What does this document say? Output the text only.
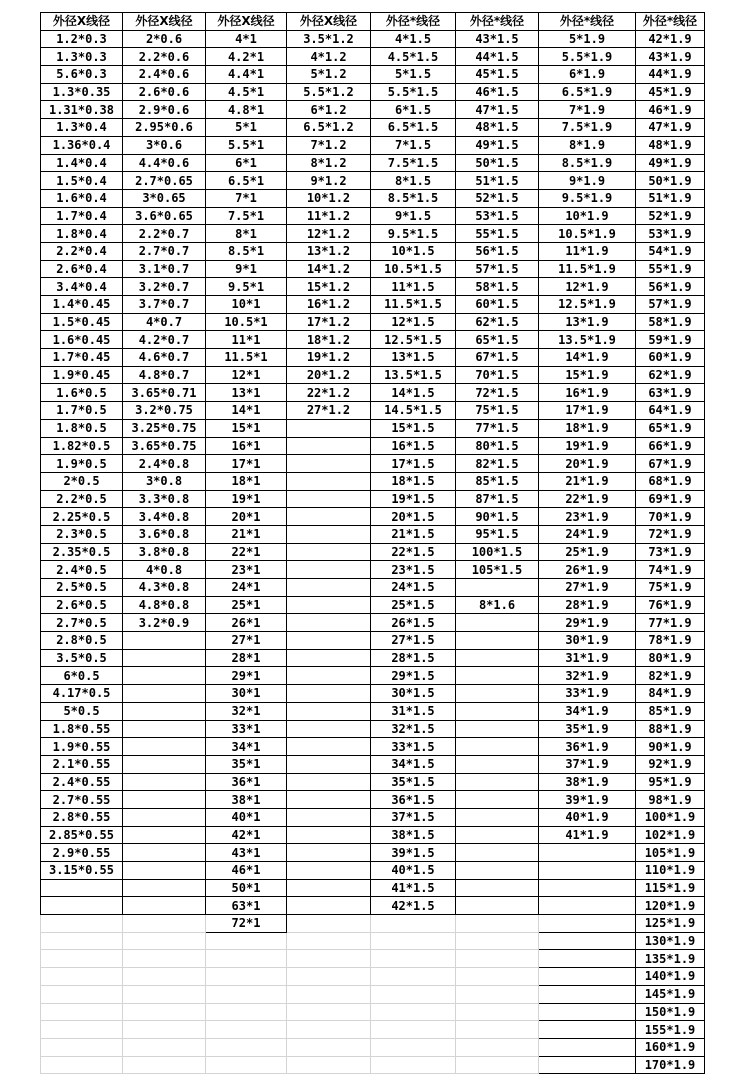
外径X线径	外径X线径	外径X线径	外径X线径	外径*线径	外径*线径	外径*线径	外径*线径
1.2*0.3	2*0.6	4*1	3.5*1.2	4*1.5	43*1.5	5*1.9	42*1.9
1.3*0.3	2.2*0.6	4.2*1	4*1.2	4.5*1.5	44*1.5	5.5*1.9	43*1.9
5.6*0.3	2.4*0.6	4.4*1	5*1.2	5*1.5	45*1.5	6*1.9	44*1.9
1.3*0.35	2.6*0.6	4.5*1	5.5*1.2	5.5*1.5	46*1.5	6.5*1.9	45*1.9
1.31*0.38	2.9*0.6	4.8*1	6*1.2	6*1.5	47*1.5	7*1.9	46*1.9
1.3*0.4	2.95*0.6	5*1	6.5*1.2	6.5*1.5	48*1.5	7.5*1.9	47*1.9
1.36*0.4	3*0.6	5.5*1	7*1.2	7*1.5	49*1.5	8*1.9	48*1.9
1.4*0.4	4.4*0.6	6*1	8*1.2	7.5*1.5	50*1.5	8.5*1.9	49*1.9
1.5*0.4	2.7*0.65	6.5*1	9*1.2	8*1.5	51*1.5	9*1.9	50*1.9
1.6*0.4	3*0.65	7*1	10*1.2	8.5*1.5	52*1.5	9.5*1.9	51*1.9
1.7*0.4	3.6*0.65	7.5*1	11*1.2	9*1.5	53*1.5	10*1.9	52*1.9
1.8*0.4	2.2*0.7	8*1	12*1.2	9.5*1.5	55*1.5	10.5*1.9	53*1.9
2.2*0.4	2.7*0.7	8.5*1	13*1.2	10*1.5	56*1.5	11*1.9	54*1.9
2.6*0.4	3.1*0.7	9*1	14*1.2	10.5*1.5	57*1.5	11.5*1.9	55*1.9
3.4*0.4	3.2*0.7	9.5*1	15*1.2	11*1.5	58*1.5	12*1.9	56*1.9
1.4*0.45	3.7*0.7	10*1	16*1.2	11.5*1.5	60*1.5	12.5*1.9	57*1.9
1.5*0.45	4*0.7	10.5*1	17*1.2	12*1.5	62*1.5	13*1.9	58*1.9
1.6*0.45	4.2*0.7	11*1	18*1.2	12.5*1.5	65*1.5	13.5*1.9	59*1.9
1.7*0.45	4.6*0.7	11.5*1	19*1.2	13*1.5	67*1.5	14*1.9	60*1.9
1.9*0.45	4.8*0.7	12*1	20*1.2	13.5*1.5	70*1.5	15*1.9	62*1.9
1.6*0.5	3.65*0.71	13*1	22*1.2	14*1.5	72*1.5	16*1.9	63*1.9
1.7*0.5	3.2*0.75	14*1	27*1.2	14.5*1.5	75*1.5	17*1.9	64*1.9
1.8*0.5	3.25*0.75	15*1		15*1.5	77*1.5	18*1.9	65*1.9
1.82*0.5	3.65*0.75	16*1		16*1.5	80*1.5	19*1.9	66*1.9
1.9*0.5	2.4*0.8	17*1		17*1.5	82*1.5	20*1.9	67*1.9
2*0.5	3*0.8	18*1		18*1.5	85*1.5	21*1.9	68*1.9
2.2*0.5	3.3*0.8	19*1		19*1.5	87*1.5	22*1.9	69*1.9
2.25*0.5	3.4*0.8	20*1		20*1.5	90*1.5	23*1.9	70*1.9
2.3*0.5	3.6*0.8	21*1		21*1.5	95*1.5	24*1.9	72*1.9
2.35*0.5	3.8*0.8	22*1		22*1.5	100*1.5	25*1.9	73*1.9
2.4*0.5	4*0.8	23*1		23*1.5	105*1.5	26*1.9	74*1.9
2.5*0.5	4.3*0.8	24*1		24*1.5		27*1.9	75*1.9
2.6*0.5	4.8*0.8	25*1		25*1.5	8*1.6	28*1.9	76*1.9
2.7*0.5	3.2*0.9	26*1		26*1.5		29*1.9	77*1.9
2.8*0.5		27*1		27*1.5		30*1.9	78*1.9
3.5*0.5		28*1		28*1.5		31*1.9	80*1.9
6*0.5		29*1		29*1.5		32*1.9	82*1.9
4.17*0.5		30*1		30*1.5		33*1.9	84*1.9
5*0.5		32*1		31*1.5		34*1.9	85*1.9
1.8*0.55		33*1		32*1.5		35*1.9	88*1.9
1.9*0.55		34*1		33*1.5		36*1.9	90*1.9
2.1*0.55		35*1		34*1.5		37*1.9	92*1.9
2.4*0.55		36*1		35*1.5		38*1.9	95*1.9
2.7*0.55		38*1		36*1.5		39*1.9	98*1.9
2.8*0.55		40*1		37*1.5		40*1.9	100*1.9
2.85*0.55		42*1		38*1.5		41*1.9	102*1.9
2.9*0.55		43*1		39*1.5			105*1.9
3.15*0.55		46*1		40*1.5			110*1.9
		50*1		41*1.5			115*1.9
		63*1		42*1.5			120*1.9
		72*1					125*1.9
							130*1.9
							135*1.9
							140*1.9
							145*1.9
							150*1.9
							155*1.9
							160*1.9
							170*1.9
